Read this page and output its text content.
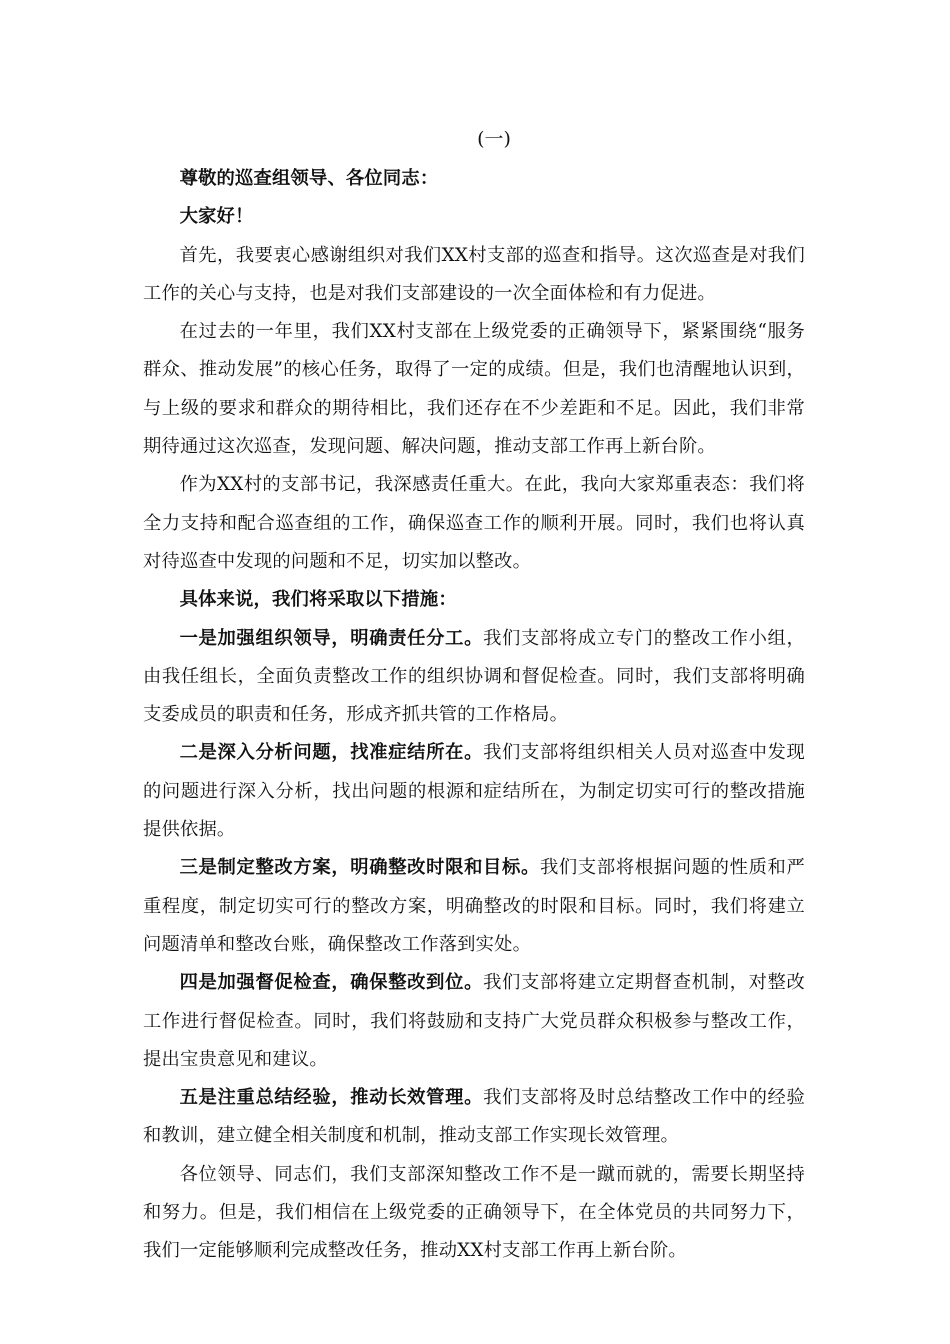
(一)

尊敬的巡查组领导、各位同志：

大家好！

首先，我要衷心感谢组织对我们XX村支部的巡查和指导。这次巡查是对我们工作的关心与支持，也是对我们支部建设的一次全面体检和有力促进。

在过去的一年里，我们XX村支部在上级党委的正确领导下，紧紧围绕“服务群众、推动发展”的核心任务，取得了一定的成绩。但是，我们也清醒地认识到，与上级的要求和群众的期待相比，我们还存在不少差距和不足。因此，我们非常期待通过这次巡查，发现问题、解决问题，推动支部工作再上新台阶。

作为XX村的支部书记，我深感责任重大。在此，我向大家郑重表态：我们将全力支持和配合巡查组的工作，确保巡查工作的顺利开展。同时，我们也将认真对待巡查中发现的问题和不足，切实加以整改。

具体来说，我们将采取以下措施：

一是加强组织领导，明确责任分工。我们支部将成立专门的整改工作小组，由我任组长，全面负责整改工作的组织协调和督促检查。同时，我们支部将明确支委成员的职责和任务，形成齐抓共管的工作格局。

二是深入分析问题，找准症结所在。我们支部将组织相关人员对巡查中发现的问题进行深入分析，找出问题的根源和症结所在，为制定切实可行的整改措施提供依据。

三是制定整改方案，明确整改时限和目标。我们支部将根据问题的性质和严重程度，制定切实可行的整改方案，明确整改的时限和目标。同时，我们将建立问题清单和整改台账，确保整改工作落到实处。

四是加强督促检查，确保整改到位。我们支部将建立定期督查机制，对整改工作进行督促检查。同时，我们将鼓励和支持广大党员群众积极参与整改工作，提出宝贵意见和建议。

五是注重总结经验，推动长效管理。我们支部将及时总结整改工作中的经验和教训，建立健全相关制度和机制，推动支部工作实现长效管理。

各位领导、同志们，我们支部深知整改工作不是一蹴而就的，需要长期坚持和努力。但是，我们相信在上级党委的正确领导下，在全体党员的共同努力下，我们一定能够顺利完成整改任务，推动XX村支部工作再上新台阶。
